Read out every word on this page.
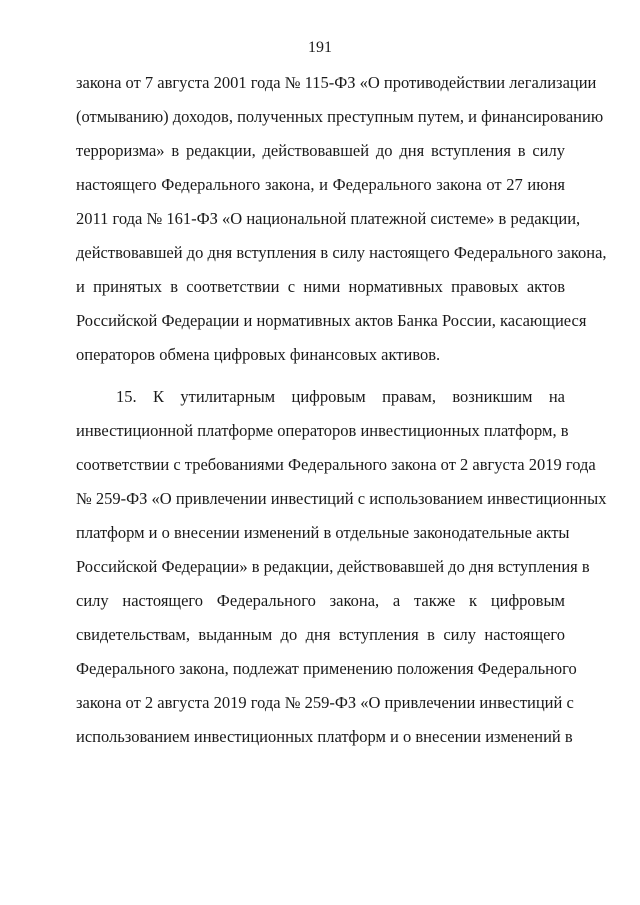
191
закона от 7 августа 2001 года № 115-ФЗ «О противодействии легализации
(отмыванию) доходов, полученных преступным путем, и финансированию
терроризма» в редакции, действовавшей до дня вступления в силу
настоящего Федерального закона, и Федерального закона от 27 июня
2011 года № 161-ФЗ «О национальной платежной системе» в редакции,
действовавшей до дня вступления в силу настоящего Федерального закона,
и принятых в соответствии с ними нормативных правовых актов
Российской Федерации и нормативных актов Банка России, касающиеся
операторов обмена цифровых финансовых активов.
15. К утилитарным цифровым правам, возникшим на
инвестиционной платформе операторов инвестиционных платформ, в
соответствии с требованиями Федерального закона от 2 августа 2019 года
№ 259-ФЗ «О привлечении инвестиций с использованием инвестиционных
платформ и о внесении изменений в отдельные законодательные акты
Российской Федерации» в редакции, действовавшей до дня вступления в
силу настоящего Федерального закона, а также к цифровым
свидетельствам, выданным до дня вступления в силу настоящего
Федерального закона, подлежат применению положения Федерального
закона от 2 августа 2019 года № 259-ФЗ «О привлечении инвестиций с
использованием инвестиционных платформ и о внесении изменений в
